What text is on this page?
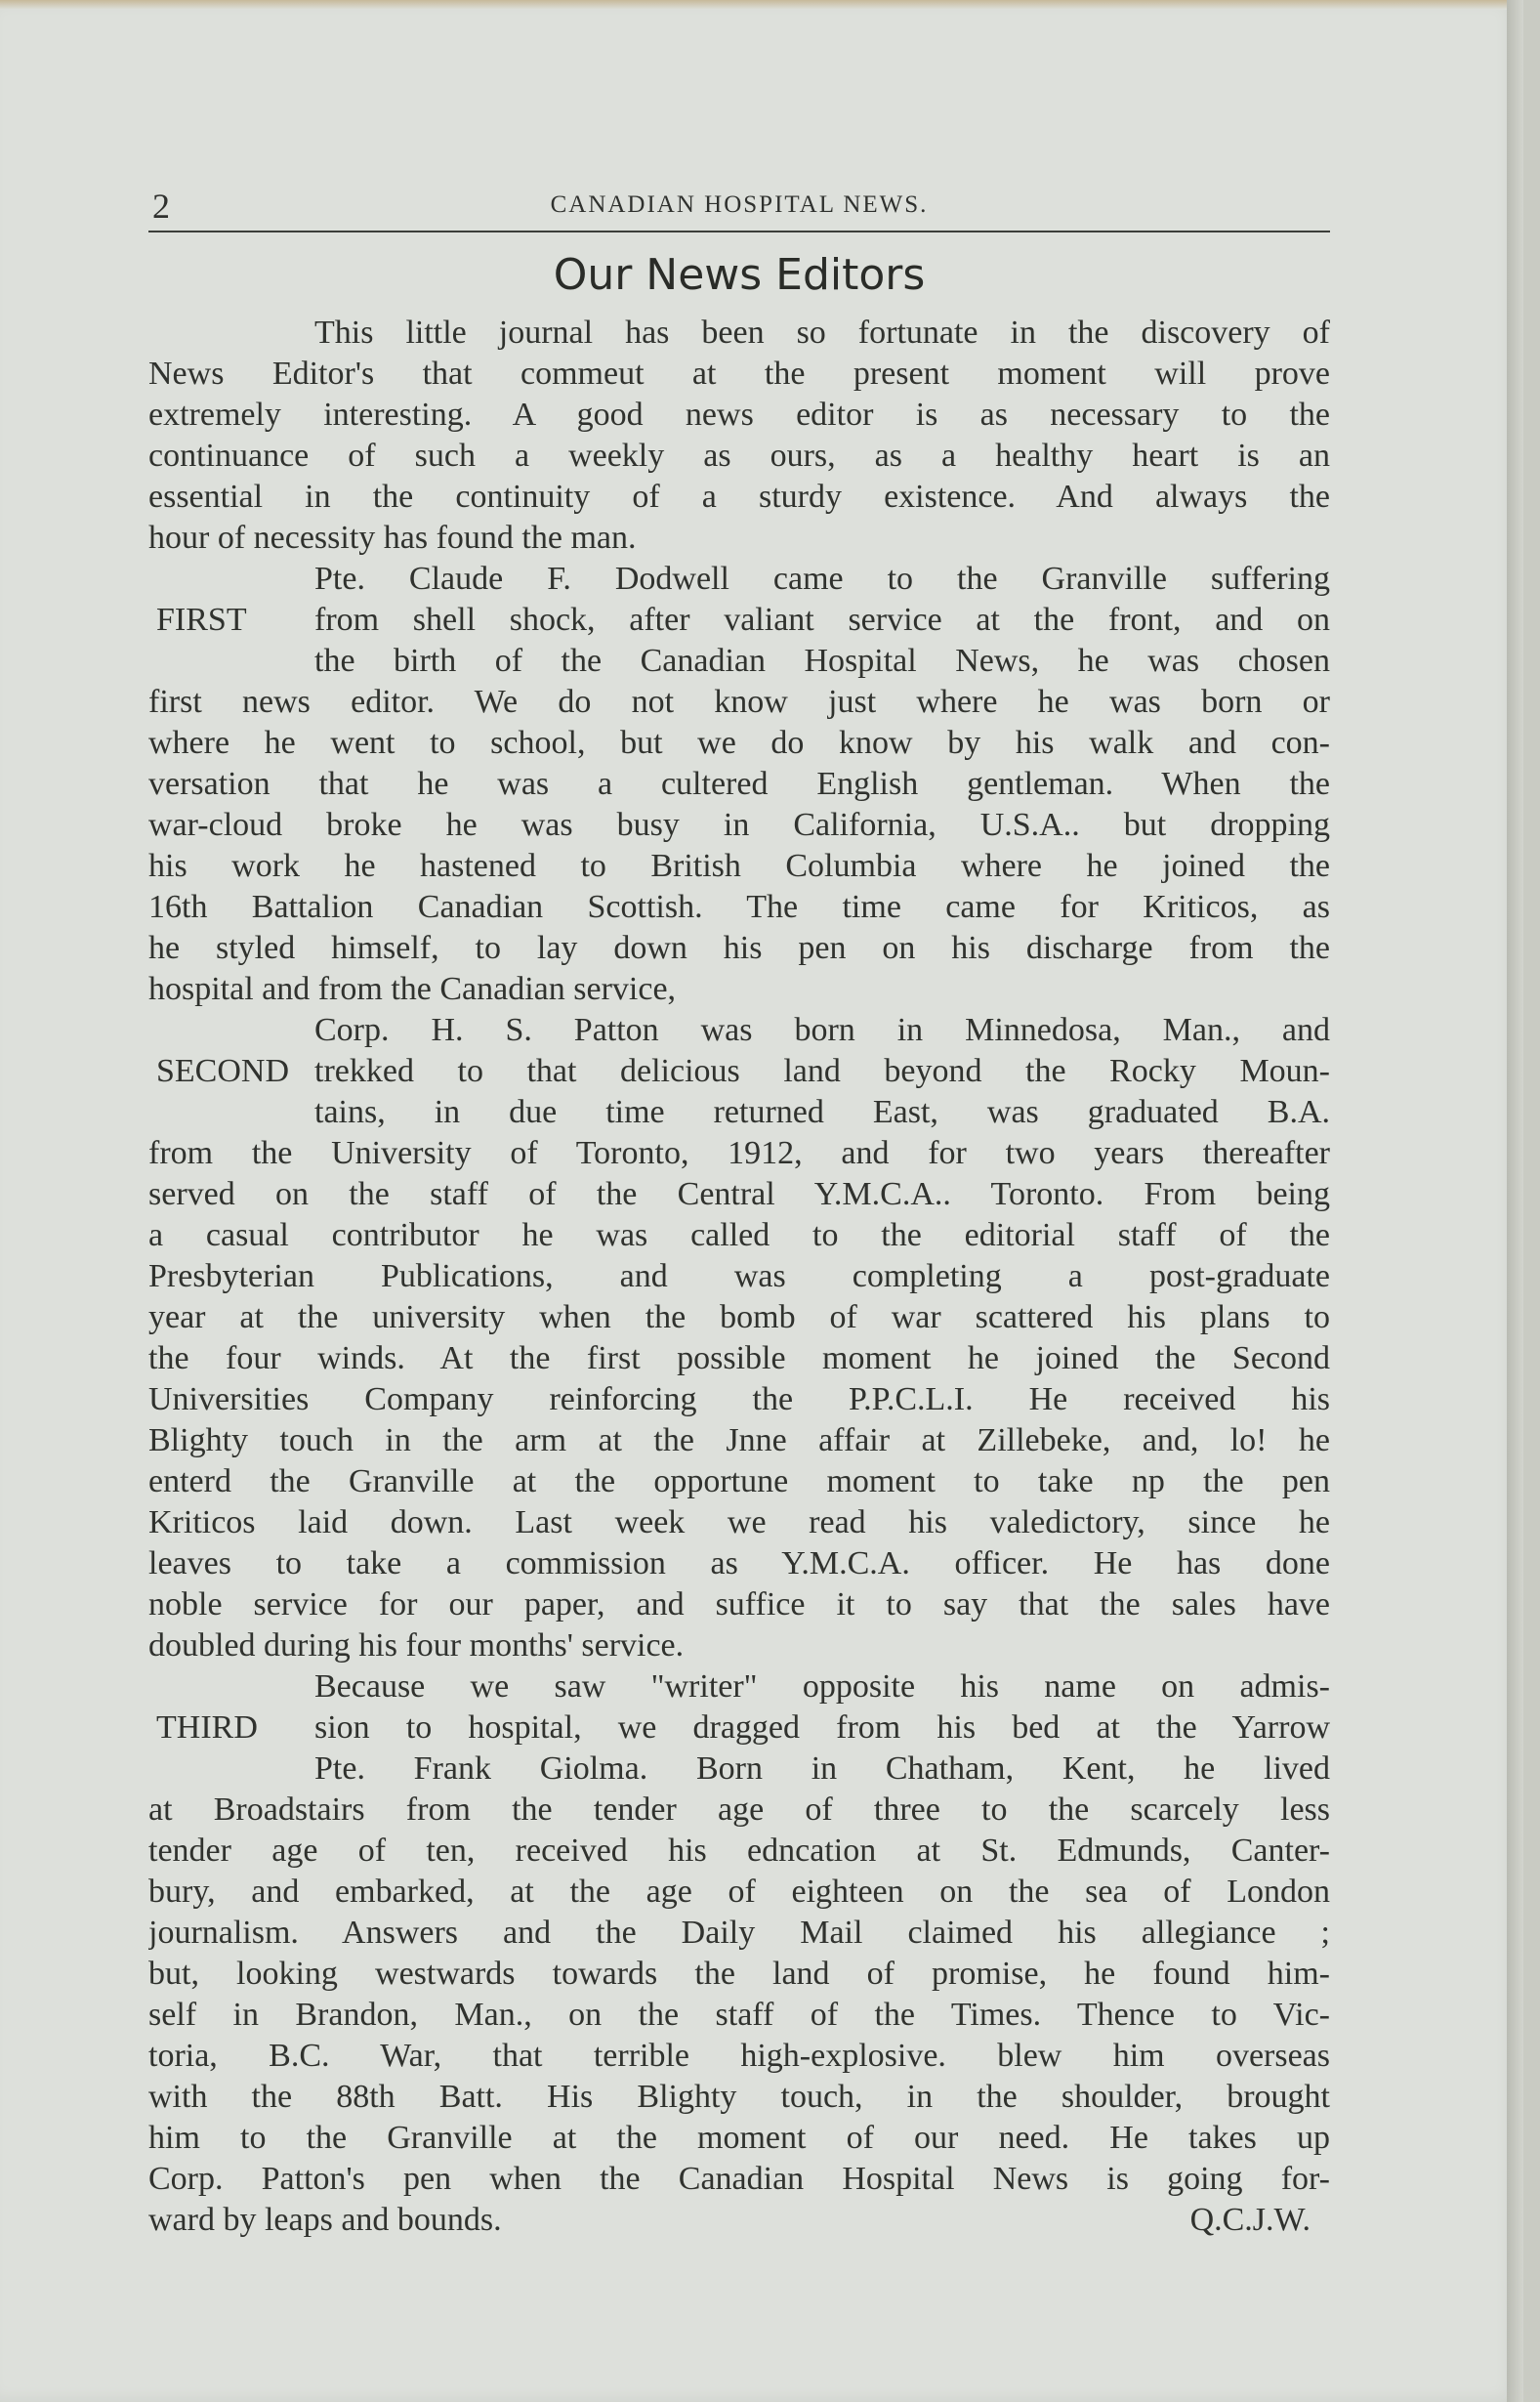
2	CANADIAN HOSPITAL NEWS.
Our News Editors
This little journal has been so fortunate in the discovery of
News Editor's that commeut at the present moment will prove
extremely interesting. A good news editor is as necessary to the
continuance of such a weekly as ours, as a healthy heart is an
essential in the continuity of a sturdy existence. And always the
hour of necessity has found the man.
Pte. Claude F. Dodwell came to the Granville suffering
FIRST from shell shock, after valiant service at the front, and on
the birth of the Canadian Hospital News, he was chosen
first news editor. We do not know just where he was born or
where he went to school, but we do know by his walk and con-
versation that he was a cultered English gentleman. When the
war-cloud broke he was busy in California, U.S.A.. but dropping
his work he hastened to British Columbia where he joined the
16th Battalion Canadian Scottish. The time came for Kriticos, as
he styled himself, to lay down his pen on his discharge from the
hospital and from the Canadian service,
Corp. H. S. Patton was born in Minnedosa, Man., and
SECOND trekked to that delicious land beyond the Rocky Moun-
tains, in due time returned East, was graduated B.A.
from the University of Toronto, 1912, and for two years thereafter
served on the staff of the Central Y.M.C.A.. Toronto. From being
a casual contributor he was called to the editorial staff of the
Presbyterian Publications, and was completing a post-graduate
year at the university when the bomb of war scattered his plans to
the four winds. At the first possible moment he joined the Second
Universities Company reinforcing the P.P.C.L.I. He received his
Blighty touch in the arm at the Jnne affair at Zillebeke, and, lo! he
enterd the Granville at the opportune moment to take np the pen
Kriticos laid down. Last week we read his valedictory, since he
leaves to take a commission as Y.M.C.A. officer. He has done
noble service for our paper, and suffice it to say that the sales have
doubled during his four months' service.
Because we saw "writer" opposite his name on admis-
THIRD sion to hospital, we dragged from his bed at the Yarrow
Pte. Frank Giolma. Born in Chatham, Kent, he lived
at Broadstairs from the tender age of three to the scarcely less
tender age of ten, received his edncation at St. Edmunds, Canter-
bury, and embarked, at the age of eighteen on the sea of London
journalism. Answers and the Daily Mail claimed his allegiance ;
but, looking westwards towards the land of promise, he found him-
self in Brandon, Man., on the staff of the Times. Thence to Vic-
toria, B.C. War, that terrible high-explosive. blew him overseas
with the 88th Batt. His Blighty touch, in the shoulder, brought
him to the Granville at the moment of our need. He takes up
Corp. Patton's pen when the Canadian Hospital News is going for-
ward by leaps and bounds.	Q.C.J.W.
